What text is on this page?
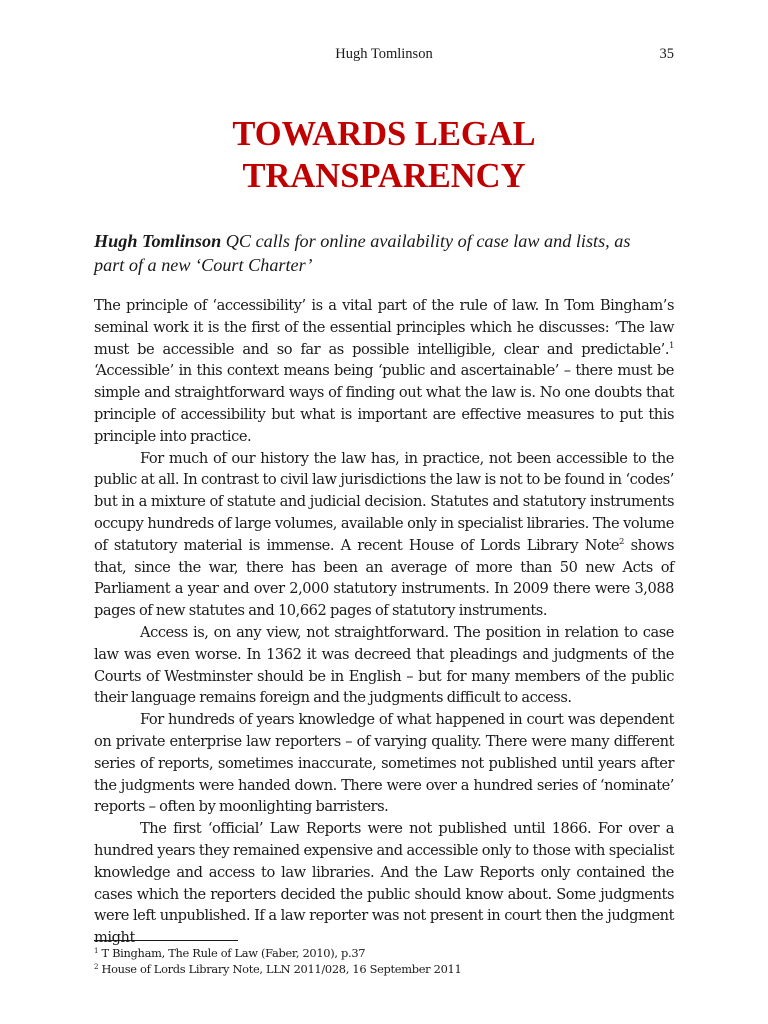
Hugh Tomlinson	35
TOWARDS LEGAL
TRANSPARENCY

Hugh Tomlinson QC calls for online availability of case law and lists, as part of a new ‘Court Charter’

The principle of ‘accessibility’ is a vital part of the rule of law. In Tom Bingham’s seminal work it is the first of the essential principles which he discusses: ‘The law must be accessible and so far as possible intelligible, clear and predictable’.$^1$ ‘Accessible’ in this context means being ‘public and ascertainable’ – there must be simple and straightforward ways of finding out what the law is. No one doubts that principle of accessibility but what is important are effective measures to put this principle into practice.

For much of our history the law has, in practice, not been accessible to the public at all. In contrast to civil law jurisdictions the law is not to be found in ‘codes’ but in a mixture of statute and judicial decision. Statutes and statutory instruments occupy hundreds of large volumes, available only in specialist libraries. The volume of statutory material is immense. A recent House of Lords Library Note$^2$ shows that, since the war, there has been an average of more than 50 new Acts of Parliament a year and over 2,000 statutory instruments. In 2009 there were 3,088 pages of new statutes and 10,662 pages of statutory instruments.

Access is, on any view, not straightforward. The position in relation to case law was even worse. In 1362 it was decreed that pleadings and judgments of the Courts of Westminster should be in English – but for many members of the public their language remains foreign and the judgments difficult to access.

For hundreds of years knowledge of what happened in court was dependent on private enterprise law reporters – of varying quality. There were many different series of reports, sometimes inaccurate, sometimes not published until years after the judgments were handed down. There were over a hundred series of ‘nominate’ reports – often by moonlighting barristers.

The first ‘official’ Law Reports were not published until 1866. For over a hundred years they remained expensive and accessible only to those with specialist knowledge and access to law libraries. And the Law Reports only contained the cases which the reporters decided the public should know about. Some judgments were left unpublished. If a law reporter was not present in court then the judgment might

$^1$ T Bingham, The Rule of Law (Faber, 2010), p.37
$^2$ House of Lords Library Note, LLN 2011/028, 16 September 2011
